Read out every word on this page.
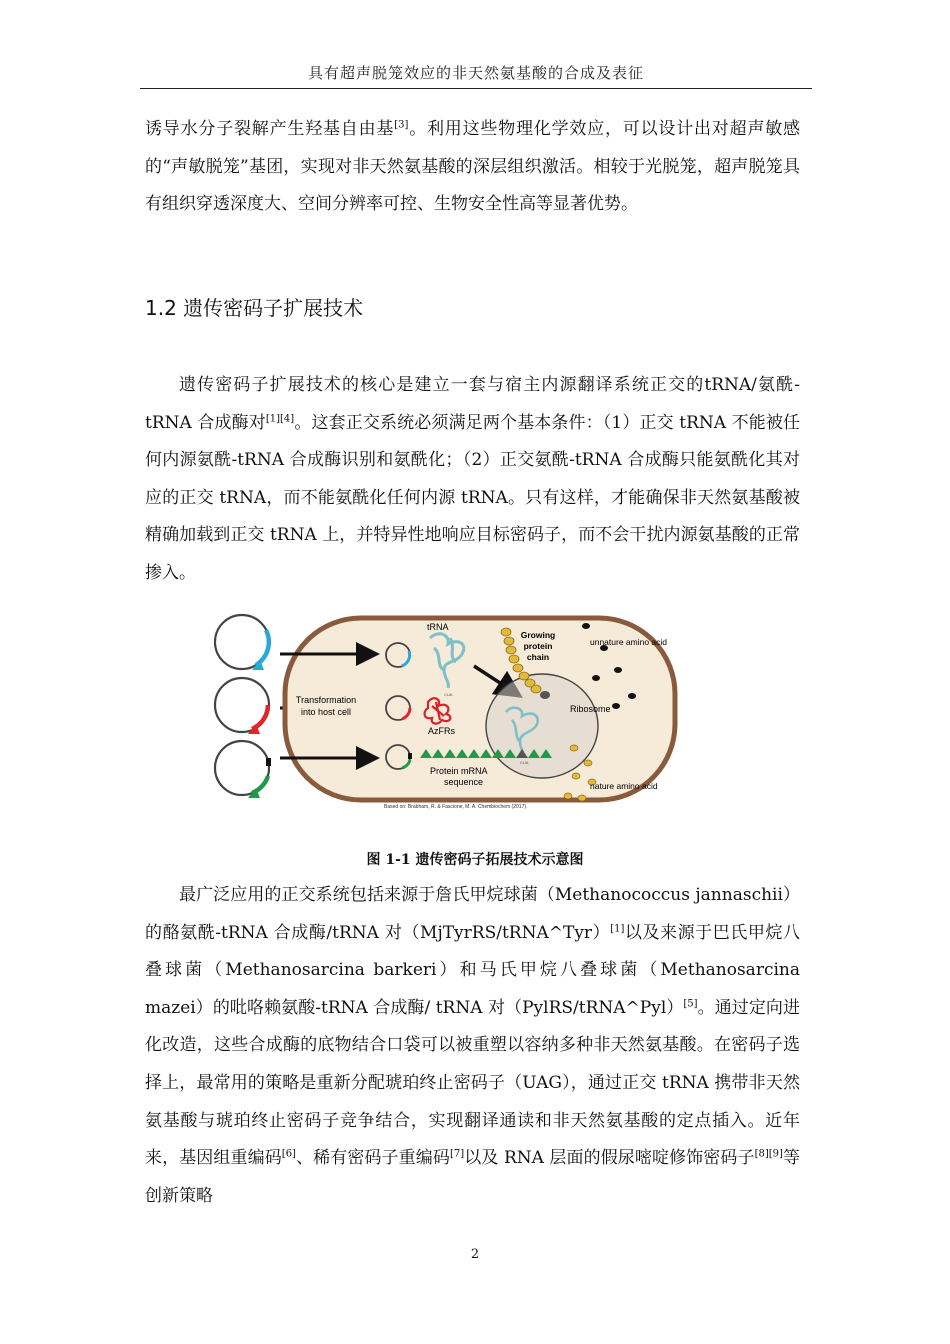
具有超声脱笼效应的非天然氨基酸的合成及表征
诱导水分子裂解产生羟基自由基[3]。利用这些物理化学效应，可以设计出对超声敏感的“声敏脱笼”基团，实现对非天然氨基酸的深层组织激活。相较于光脱笼，超声脱笼具有组织穿透深度大、空间分辨率可控、生物安全性高等显著优势。
1.2 遗传密码子扩展技术
遗传密码子扩展技术的核心是建立一套与宿主内源翻译系统正交的tRNA/氨酰-tRNA 合成酶对[1][4]。这套正交系统必须满足两个基本条件：（1）正交 tRNA 不能被任何内源氨酰-tRNA 合成酶识别和氨酰化；（2）正交氨酰-tRNA 合成酶只能氨酰化其对应的正交 tRNA，而不能氨酰化任何内源 tRNA。只有这样，才能确保非天然氨基酸被精确加载到正交 tRNA 上，并特异性地响应目标密码子，而不会干扰内源氨基酸的正常掺入。
Transformation
into host cell
tRNA
CUA
AzFRs
Ribosome
CUA
Growing
protein
chain
Protein mRNA
sequence
unnature amino acid
nature amino acid
Based on: Brabham, R. & Fascione, M. A. Chembiochem (2017).
图 1-1 遗传密码子拓展技术示意图
最广泛应用的正交系统包括来源于詹氏甲烷球菌（Methanococcus jannaschii）的酪氨酰-tRNA 合成酶/tRNA 对（MjTyrRS/tRNA^Tyr）[1]以及来源于巴氏甲烷八叠球菌（Methanosarcina barkeri）和马氏甲烷八叠球菌（Methanosarcina mazei）的吡咯赖氨酸-tRNA 合成酶/ tRNA 对（PylRS/tRNA^Pyl）[5]。通过定向进化改造，这些合成酶的底物结合口袋可以被重塑以容纳多种非天然氨基酸。在密码子选择上，最常用的策略是重新分配琥珀终止密码子（UAG），通过正交 tRNA 携带非天然氨基酸与琥珀终止密码子竞争结合，实现翻译通读和非天然氨基酸的定点插入。近年来，基因组重编码[6]、稀有密码子重编码[7]以及 RNA 层面的假尿嘧啶修饰密码子[8][9]等创新策略
2
